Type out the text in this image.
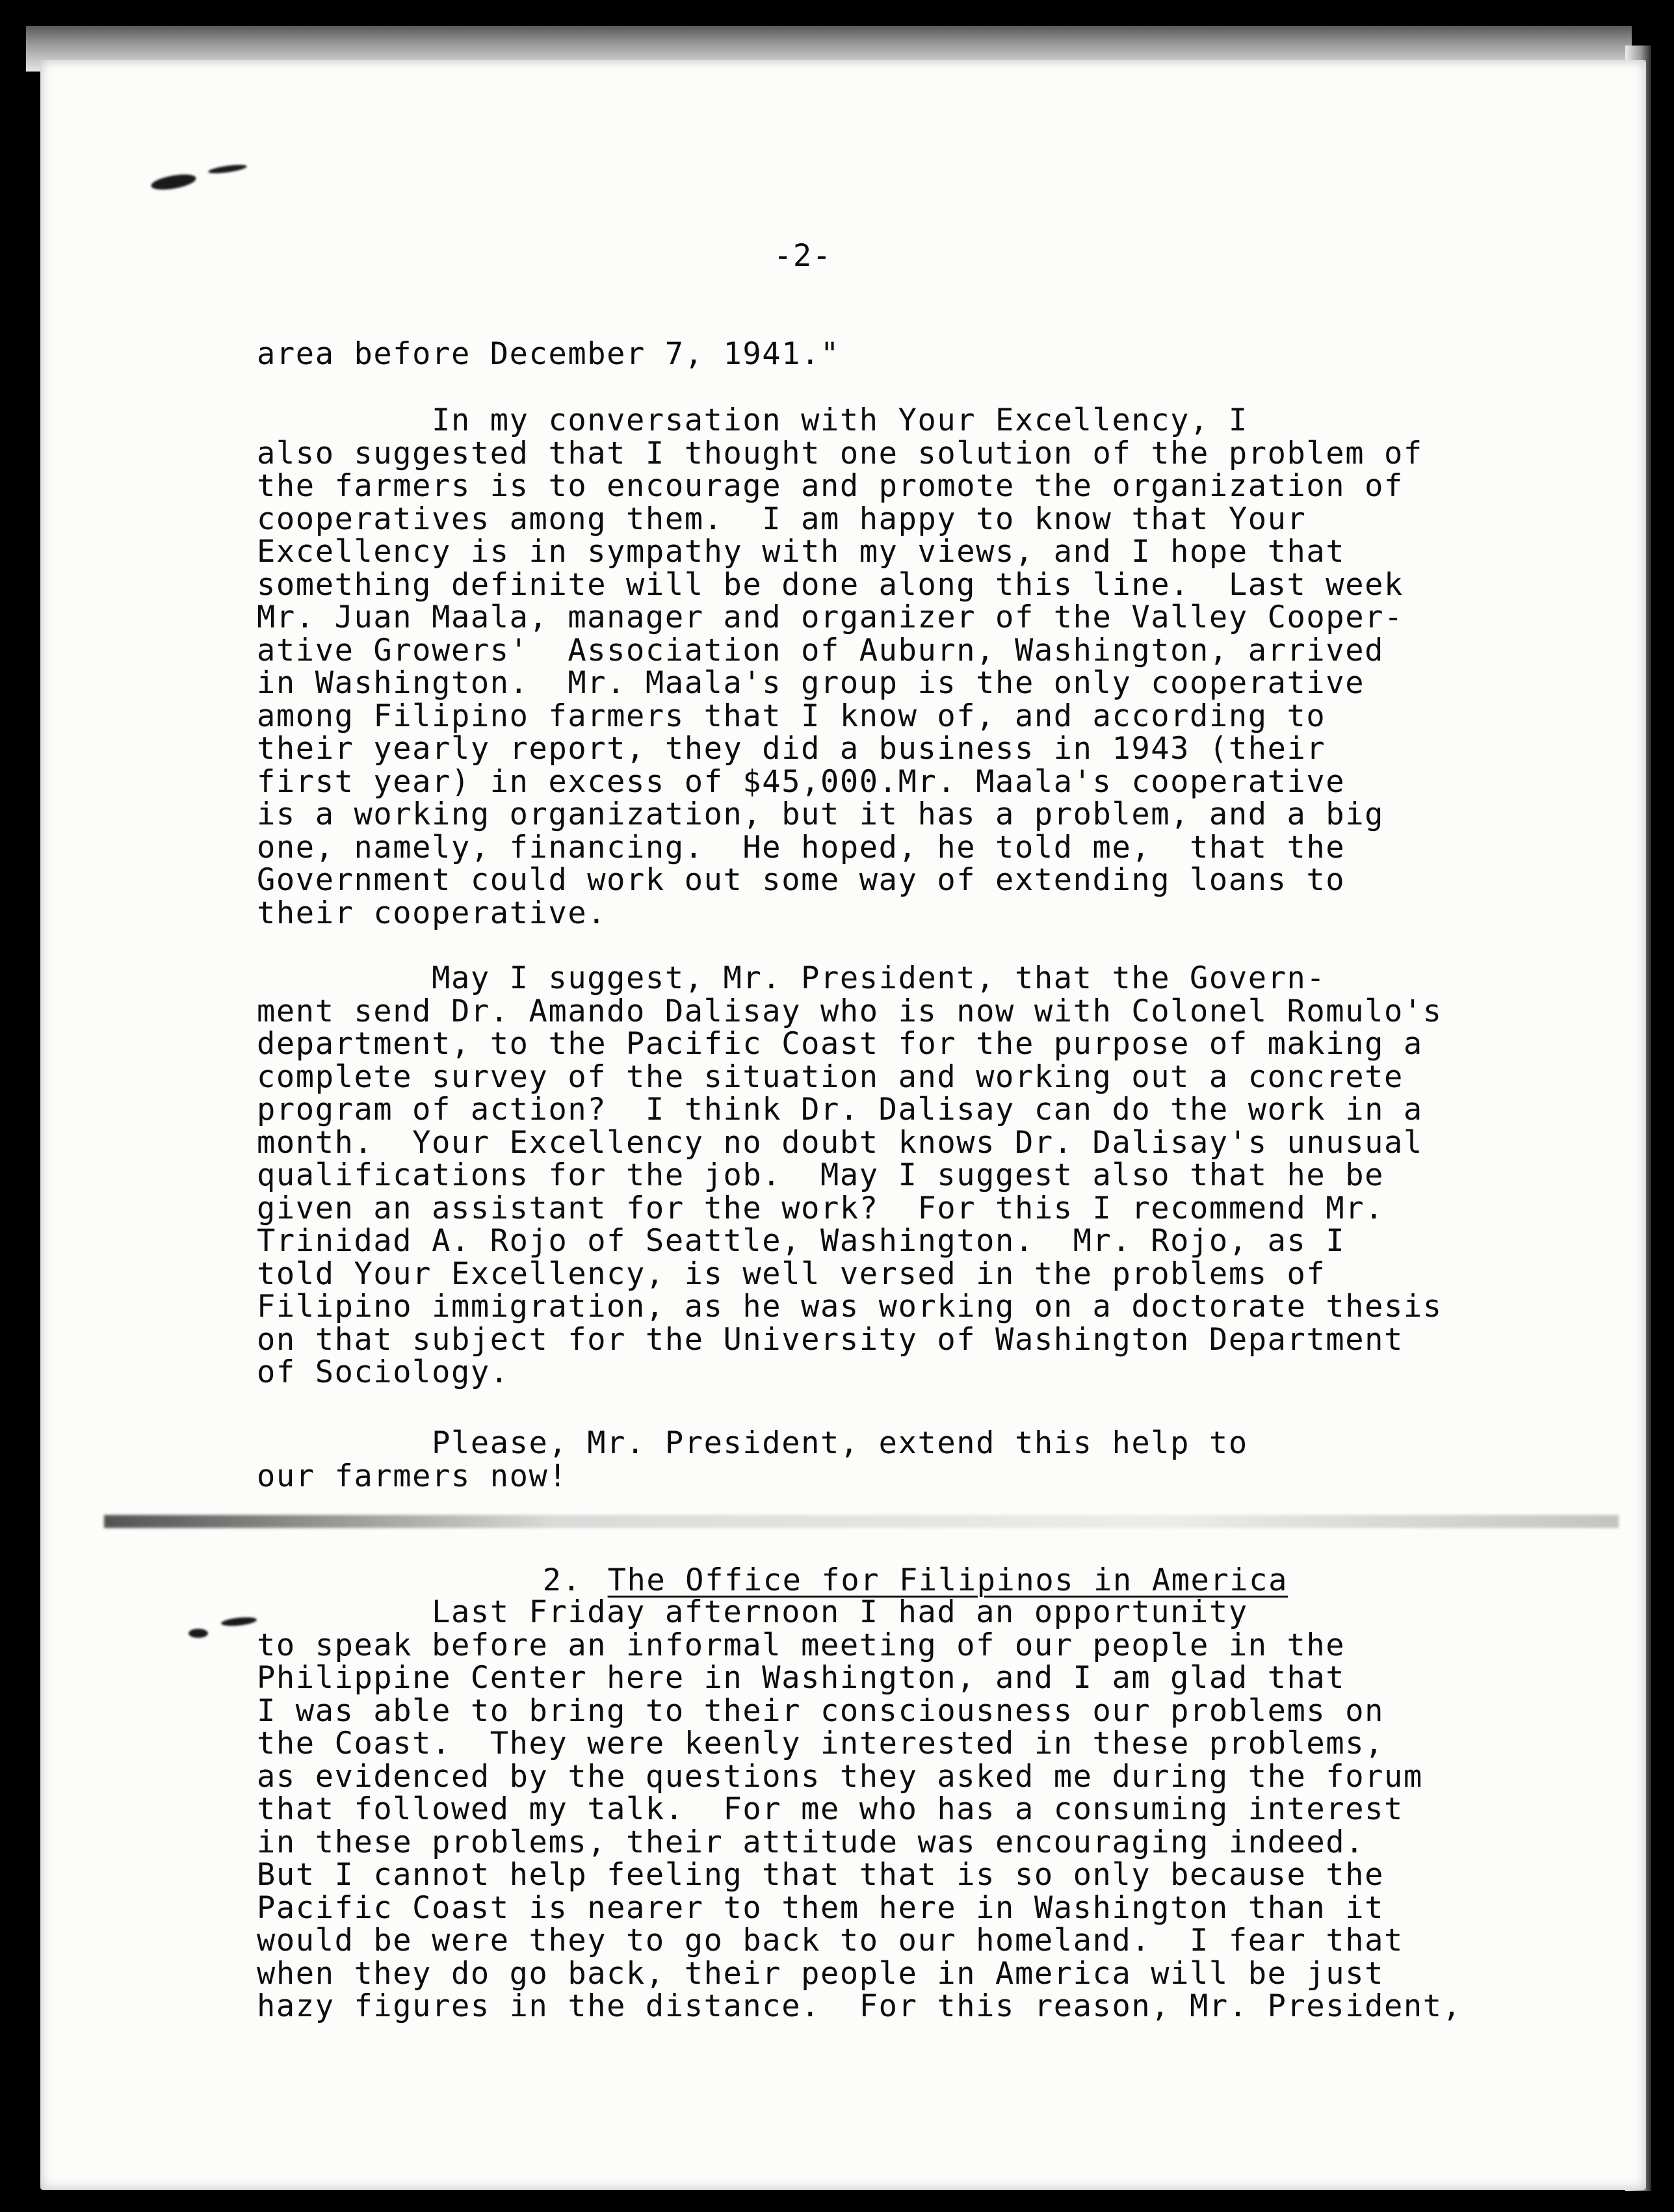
-2-
area before December 7, 1941."
In my conversation with Your Excellency, I
also suggested that I thought one solution of the problem of
the farmers is to encourage and promote the organization of
cooperatives among them.  I am happy to know that Your
Excellency is in sympathy with my views, and I hope that
something definite will be done along this line.  Last week
Mr. Juan Maala, manager and organizer of the Valley Cooper-
ative Growers'  Association of Auburn, Washington, arrived
in Washington.  Mr. Maala's group is the only cooperative
among Filipino farmers that I know of, and according to
their yearly report, they did a business in 1943 (their
first year) in excess of $45,000.Mr. Maala's cooperative
is a working organization, but it has a problem, and a big
one, namely, financing.  He hoped, he told me,  that the
Government could work out some way of extending loans to
their cooperative.
May I suggest, Mr. President, that the Govern-
ment send Dr. Amando Dalisay who is now with Colonel Romulo's
department, to the Pacific Coast for the purpose of making a
complete survey of the situation and working out a concrete
program of action?  I think Dr. Dalisay can do the work in a
month.  Your Excellency no doubt knows Dr. Dalisay's unusual
qualifications for the job.  May I suggest also that he be
given an assistant for the work?  For this I recommend Mr.
Trinidad A. Rojo of Seattle, Washington.  Mr. Rojo, as I
told Your Excellency, is well versed in the problems of
Filipino immigration, as he was working on a doctorate thesis
on that subject for the University of Washington Department
of Sociology.
Please, Mr. President, extend this help to
our farmers now!

2. The Office for Filipinos in America

Last Friday afternoon I had an opportunity
to speak before an informal meeting of our people in the
Philippine Center here in Washington, and I am glad that
I was able to bring to their consciousness our problems on
the Coast.  They were keenly interested in these problems,
as evidenced by the questions they asked me during the forum
that followed my talk.  For me who has a consuming interest
in these problems, their attitude was encouraging indeed.
But I cannot help feeling that that is so only because the
Pacific Coast is nearer to them here in Washington than it
would be were they to go back to our homeland.  I fear that
when they do go back, their people in America will be just
hazy figures in the distance.  For this reason, Mr. President,
